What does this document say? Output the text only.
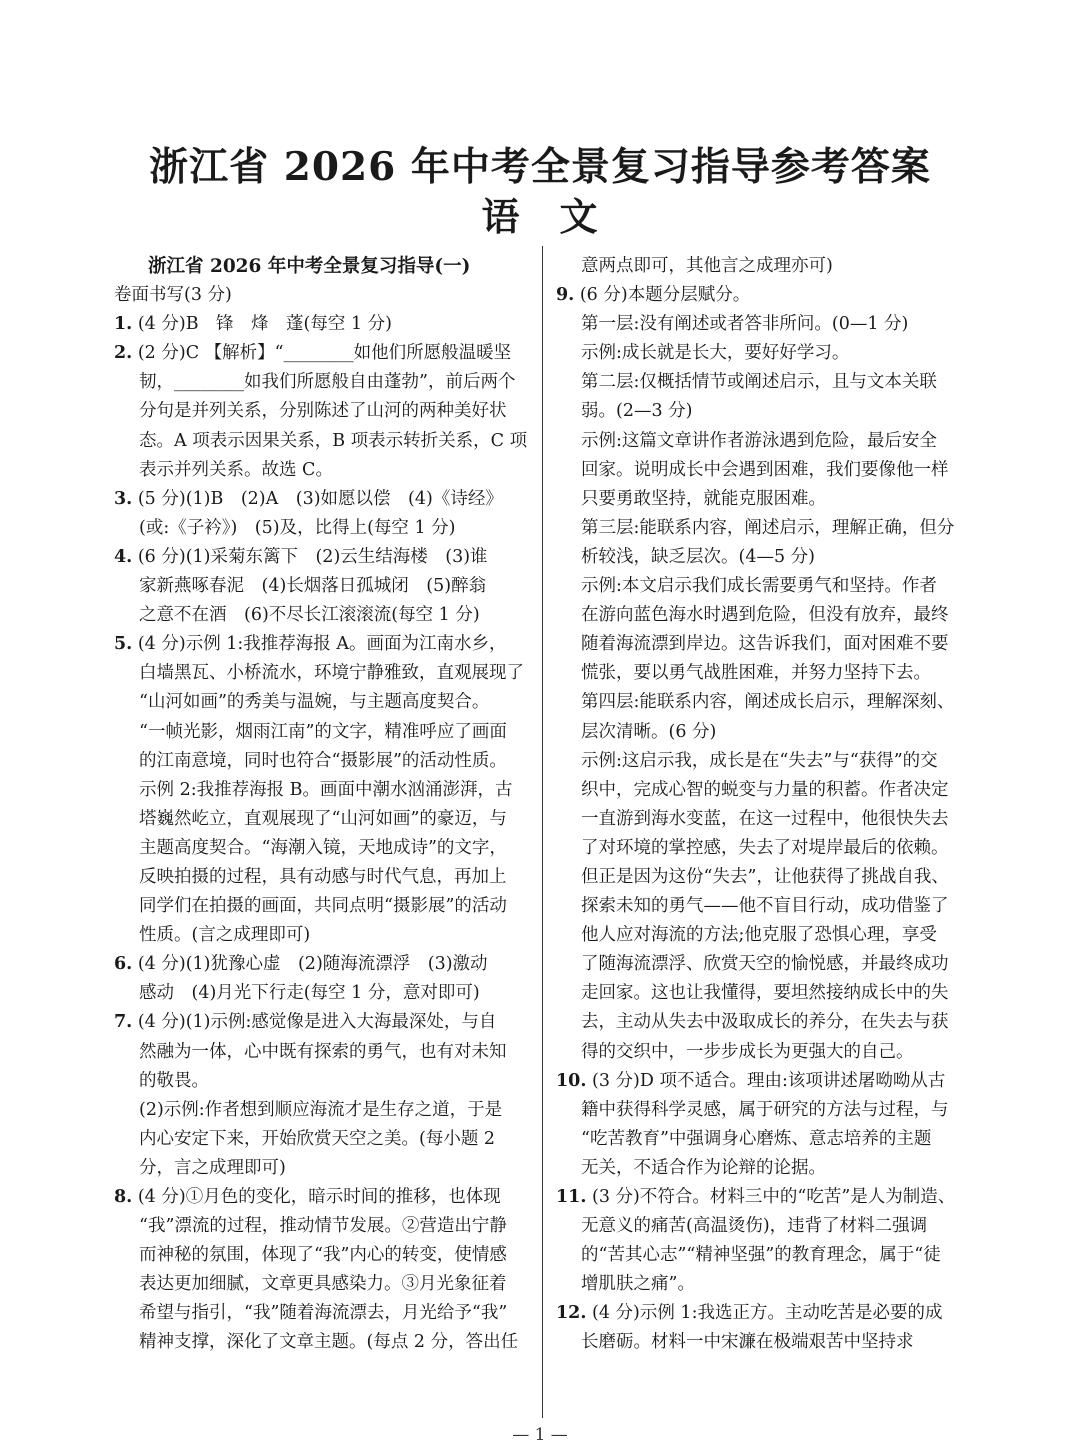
浙江省 2026 年中考全景复习指导参考答案
语　文
浙江省 2026 年中考全景复习指导(一)
卷面书写(3 分)
1. (4 分)B　锋　烽　蓬(每空 1 分)
2. (2 分)C 【解析】“________如他们所愿般温暖坚
韧，________如我们所愿般自由蓬勃”，前后两个
分句是并列关系，分别陈述了山河的两种美好状
态。A 项表示因果关系，B 项表示转折关系，C 项
表示并列关系。故选 C。
3. (5 分)(1)B　(2)A　(3)如愿以偿　(4)《诗经》
(或:《子衿》)　(5)及，比得上(每空 1 分)
4. (6 分)(1)采菊东篱下　(2)云生结海楼　(3)谁
家新燕啄春泥　(4)长烟落日孤城闭　(5)醉翁
之意不在酒　(6)不尽长江滚滚流(每空 1 分)
5. (4 分)示例 1:我推荐海报 A。画面为江南水乡，
白墙黑瓦、小桥流水，环境宁静雅致，直观展现了
“山河如画”的秀美与温婉，与主题高度契合。
“一帧光影，烟雨江南”的文字，精准呼应了画面
的江南意境，同时也符合“摄影展”的活动性质。
示例 2:我推荐海报 B。画面中潮水汹涌澎湃，古
塔巍然屹立，直观展现了“山河如画”的豪迈，与
主题高度契合。“海潮入镜，天地成诗”的文字，
反映拍摄的过程，具有动感与时代气息，再加上
同学们在拍摄的画面，共同点明“摄影展”的活动
性质。(言之成理即可)
6. (4 分)(1)犹豫心虚　(2)随海流漂浮　(3)激动
感动　(4)月光下行走(每空 1 分，意对即可)
7. (4 分)(1)示例:感觉像是进入大海最深处，与自
然融为一体，心中既有探索的勇气，也有对未知
的敬畏。
(2)示例:作者想到顺应海流才是生存之道，于是
内心安定下来，开始欣赏天空之美。(每小题 2
分，言之成理即可)
8. (4 分)①月色的变化，暗示时间的推移，也体现
“我”漂流的过程，推动情节发展。②营造出宁静
而神秘的氛围，体现了“我”内心的转变，使情感
表达更加细腻，文章更具感染力。③月光象征着
希望与指引，“我”随着海流漂去，月光给予“我”
精神支撑，深化了文章主题。(每点 2 分，答出任
意两点即可，其他言之成理亦可)
9. (6 分)本题分层赋分。
第一层:没有阐述或者答非所问。(0—1 分)
示例:成长就是长大，要好好学习。
第二层:仅概括情节或阐述启示，且与文本关联
弱。(2—3 分)
示例:这篇文章讲作者游泳遇到危险，最后安全
回家。说明成长中会遇到困难，我们要像他一样
只要勇敢坚持，就能克服困难。
第三层:能联系内容，阐述启示，理解正确，但分
析较浅，缺乏层次。(4—5 分)
示例:本文启示我们成长需要勇气和坚持。作者
在游向蓝色海水时遇到危险，但没有放弃，最终
随着海流漂到岸边。这告诉我们，面对困难不要
慌张，要以勇气战胜困难，并努力坚持下去。
第四层:能联系内容，阐述成长启示，理解深刻、
层次清晰。(6 分)
示例:这启示我，成长是在“失去”与“获得”的交
织中，完成心智的蜕变与力量的积蓄。作者决定
一直游到海水变蓝，在这一过程中，他很快失去
了对环境的掌控感，失去了对堤岸最后的依赖。
但正是因为这份“失去”，让他获得了挑战自我、
探索未知的勇气——他不盲目行动，成功借鉴了
他人应对海流的方法;他克服了恐惧心理，享受
了随海流漂浮、欣赏天空的愉悦感，并最终成功
走回家。这也让我懂得，要坦然接纳成长中的失
去，主动从失去中汲取成长的养分，在失去与获
得的交织中，一步步成长为更强大的自己。
10. (3 分)D 项不适合。理由:该项讲述屠呦呦从古
籍中获得科学灵感，属于研究的方法与过程，与
“吃苦教育”中强调身心磨炼、意志培养的主题
无关，不适合作为论辩的论据。
11. (3 分)不符合。材料三中的“吃苦”是人为制造、
无意义的痛苦(高温烫伤)，违背了材料二强调
的“苦其心志”“精神坚强”的教育理念，属于“徒
增肌肤之痛”。
12. (4 分)示例 1:我选正方。主动吃苦是必要的成
长磨砺。材料一中宋濂在极端艰苦中坚持求
— 1 —
